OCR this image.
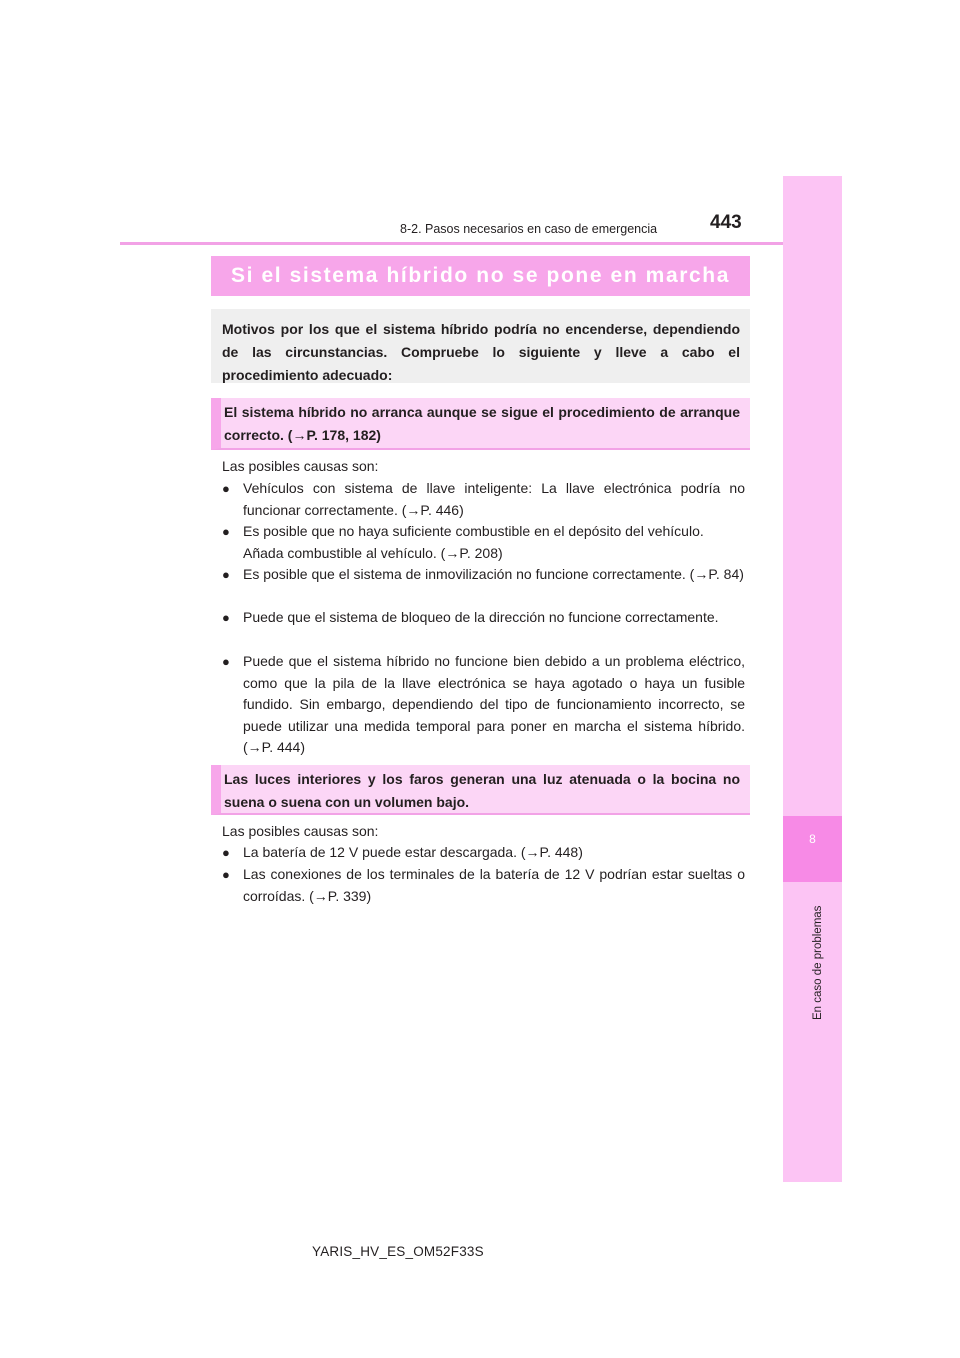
8-2. Pasos necesarios en caso de emergencia	443
8
En caso de problemas
Si el sistema híbrido no se pone en marcha
Motivos por los que el sistema híbrido podría no encenderse, dependiendo de las circunstancias. Compruebe lo siguiente y lleve a cabo el procedimiento adecuado:
El sistema híbrido no arranca aunque se sigue el procedimiento de arranque correcto. (→P. 178, 182)
Las posibles causas son:
● Vehículos con sistema de llave inteligente: La llave electrónica podría no funcionar correctamente. (→P. 446)
● Es posible que no haya suficiente combustible en el depósito del vehículo. Añada combustible al vehículo. (→P. 208)
● Es posible que el sistema de inmovilización no funcione correctamente. (→P. 84)
● Puede que el sistema de bloqueo de la dirección no funcione correctamente.
● Puede que el sistema híbrido no funcione bien debido a un problema eléctrico, como que la pila de la llave electrónica se haya agotado o haya un fusible fundido. Sin embargo, dependiendo del tipo de funcionamiento incorrecto, se puede utilizar una medida temporal para poner en marcha el sistema híbrido. (→P. 444)
Las luces interiores y los faros generan una luz atenuada o la bocina no suena o suena con un volumen bajo.
Las posibles causas son:
● La batería de 12 V puede estar descargada. (→P. 448)
● Las conexiones de los terminales de la batería de 12 V podrían estar sueltas o corroídas. (→P. 339)
YARIS_HV_ES_OM52F33S
